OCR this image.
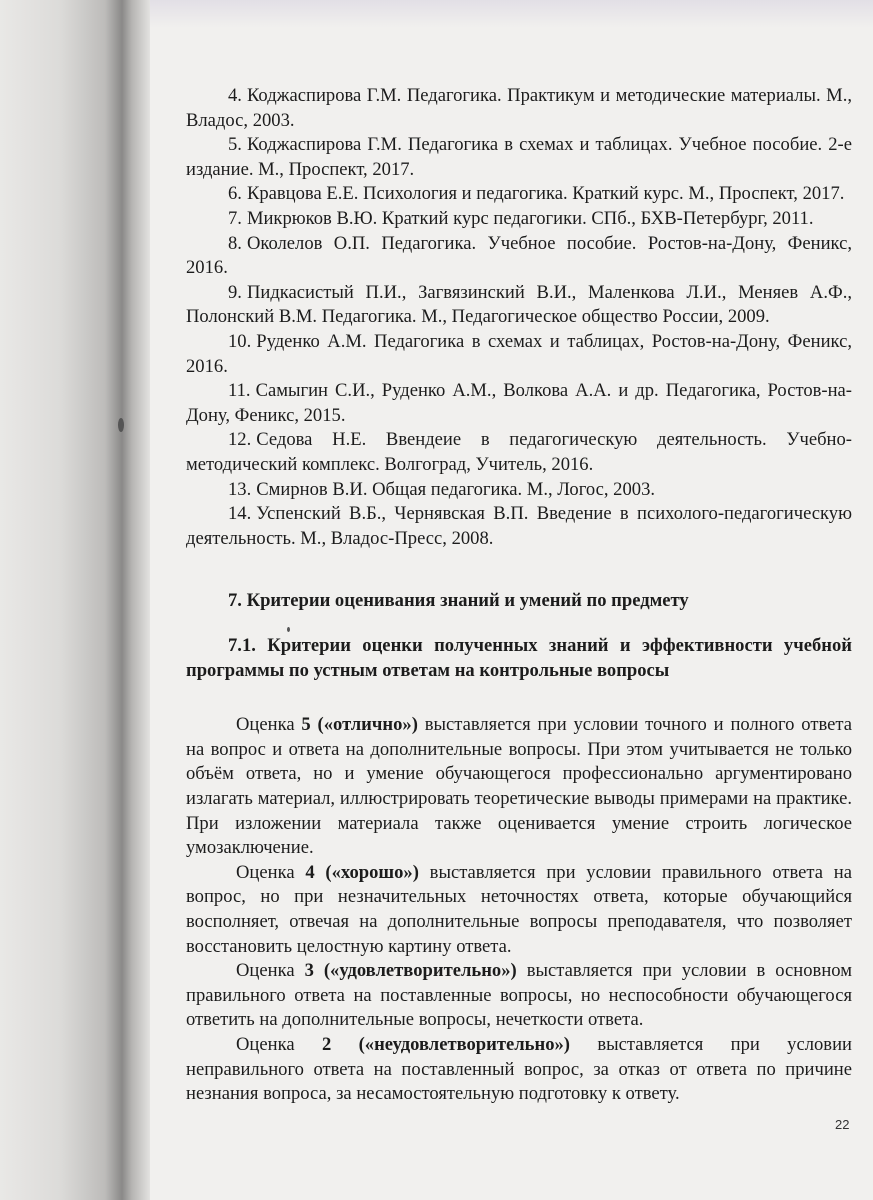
4. Коджаспирова Г.М. Педагогика. Практикум и методические материалы. М., Владос, 2003.
5. Коджаспирова Г.М. Педагогика в схемах и таблицах. Учебное пособие. 2-е издание. М., Проспект, 2017.
6. Кравцова Е.Е. Психология и педагогика. Краткий курс. М., Проспект, 2017.
7. Микрюков В.Ю. Краткий курс педагогики. СПб., БХВ-Петербург, 2011.
8. Околелов О.П. Педагогика. Учебное пособие. Ростов-на-Дону, Феникс, 2016.
9. Пидкасистый П.И., Загвязинский В.И., Маленкова Л.И., Меняев А.Ф., Полонский В.М. Педагогика. М., Педагогическое общество России, 2009.
10. Руденко А.М. Педагогика в схемах и таблицах, Ростов-на-Дону, Феникс, 2016.
11. Самыгин С.И., Руденко А.М., Волкова А.А. и др. Педагогика, Ростов-на-Дону, Феникс, 2015.
12. Седова Н.Е. Ввендеие в педагогическую деятельность. Учебно-методический комплекс. Волгоград, Учитель, 2016.
13. Смирнов В.И. Общая педагогика. М., Логос, 2003.
14. Успенский В.Б., Чернявская В.П. Введение в психолого-педагогическую деятельность. М., Владос-Пресс, 2008.
7. Критерии оценивания знаний и умений по предмету
7.1. Критерии оценки полученных знаний и эффективности учебной программы по устным ответам на контрольные вопросы

Оценка 5 («отлично») выставляется при условии точного и полного ответа на вопрос и ответа на дополнительные вопросы. При этом учитывается не только объём ответа, но и умение обучающегося профессионально аргументировано излагать материал, иллюстрировать теоретические выводы примерами на практике. При изложении материала также оценивается умение строить логическое умозаключение.

Оценка 4 («хорошо») выставляется при условии правильного ответа на вопрос, но при незначительных неточностях ответа, которые обучающийся восполняет, отвечая на дополнительные вопросы преподавателя, что позволяет восстановить целостную картину ответа.

Оценка 3 («удовлетворительно») выставляется при условии в основном правильного ответа на поставленные вопросы, но неспособности обучающегося ответить на дополнительные вопросы, нечеткости ответа.

Оценка 2 («неудовлетворительно») выставляется при условии неправильного ответа на поставленный вопрос, за отказ от ответа по причине незнания вопроса, за несамостоятельную подготовку к ответу.

22
